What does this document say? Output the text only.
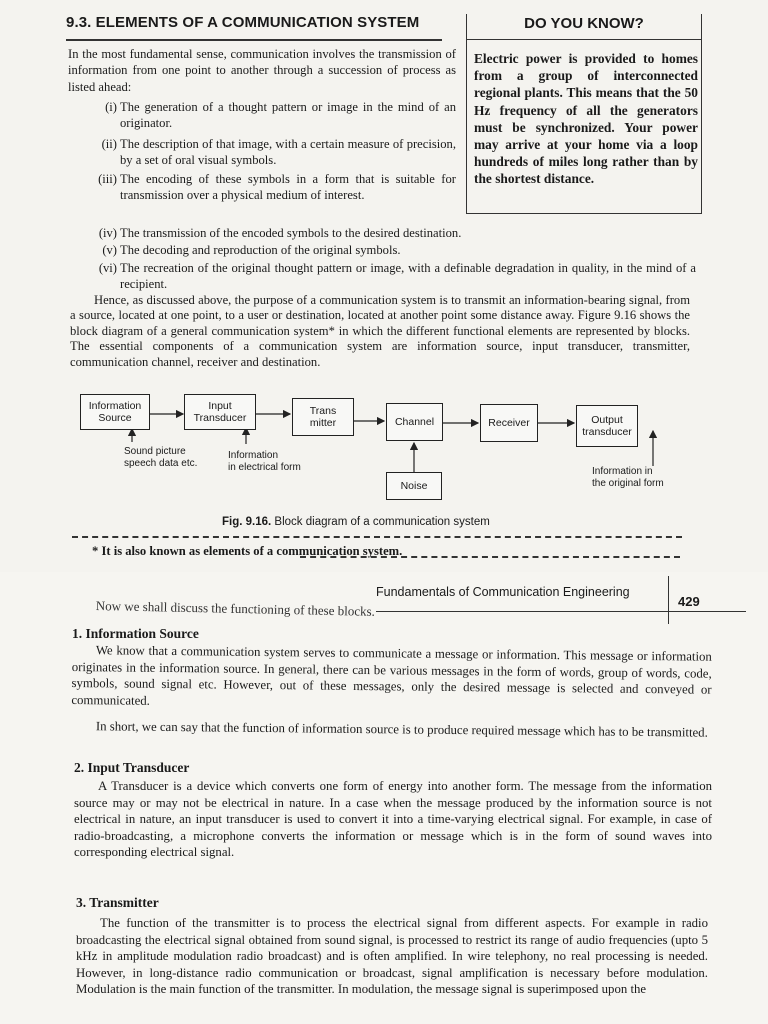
9.3. ELEMENTS OF A COMMUNICATION SYSTEM	DO YOU KNOW?
Electric power is provided to homes from a group of interconnected regional plants. This means that the 50 Hz frequency of all the generators must be synchronized. Your power may arrive at your home via a loop hundreds of miles long rather than by the shortest distance.
In the most fundamental sense, communication involves the transmission of information from one point to another through a succession of process as listed ahead:
(i) The generation of a thought pattern or image in the mind of an originator.
(ii) The description of that image, with a certain measure of precision, by a set of oral visual symbols.
(iii) The encoding of these symbols in a form that is suitable for transmission over a physical medium of interest.
(iv) The transmission of the encoded symbols to the desired destination.
(v) The decoding and reproduction of the original symbols.
(vi) The recreation of the original thought pattern or image, with a definable degradation in quality, in the mind of a recipient.
Hence, as discussed above, the purpose of a communication system is to transmit an information-bearing signal, from a source, located at one point, to a user or destination, located at another point some distance away. Figure 9.16 shows the block diagram of a general communication system* in which the different functional elements are represented by blocks. The essential components of a communication system are information source, input transducer, transmitter, communication channel, receiver and destination.
Information
Source
Input
Transducer
Trans
mitter	Channel	Receiver	Output
transducer
Noise
Sound picture
speech data etc.
Information
in electrical form	Information in
the original form
Fig. 9.16. Block diagram of a communication system
* It is also known as elements of a communication system.
Fundamentals of Communication Engineering
429
Now we shall discuss the functioning of these blocks.
1. Information Source
We know that a communication system serves to communicate a message or information. This message or information originates in the information source. In general, there can be various messages in the form of words, group of words, code, symbols, sound signal etc. However, out of these messages, only the desired message is selected and conveyed or communicated.
In short, we can say that the function of information source is to produce required message which has to be transmitted.
2. Input Transducer
A Transducer is a device which converts one form of energy into another form. The message from the information source may or may not be electrical in nature. In a case when the message produced by the information source is not electrical in nature, an input transducer is used to convert it into a time-varying electrical signal. For example, in case of radio-broadcasting, a microphone converts the information or message which is in the form of sound waves into corresponding electrical signal.
3. Transmitter
The function of the transmitter is to process the electrical signal from different aspects. For example in radio broadcasting the electrical signal obtained from sound signal, is processed to restrict its range of audio frequencies (upto 5 kHz in amplitude modulation radio broadcast) and is often amplified. In wire telephony, no real processing is needed. However, in long-distance radio communication or broadcast, signal amplification is necessary before modulation. Modulation is the main function of the transmitter. In modulation, the message signal is superimposed upon the
